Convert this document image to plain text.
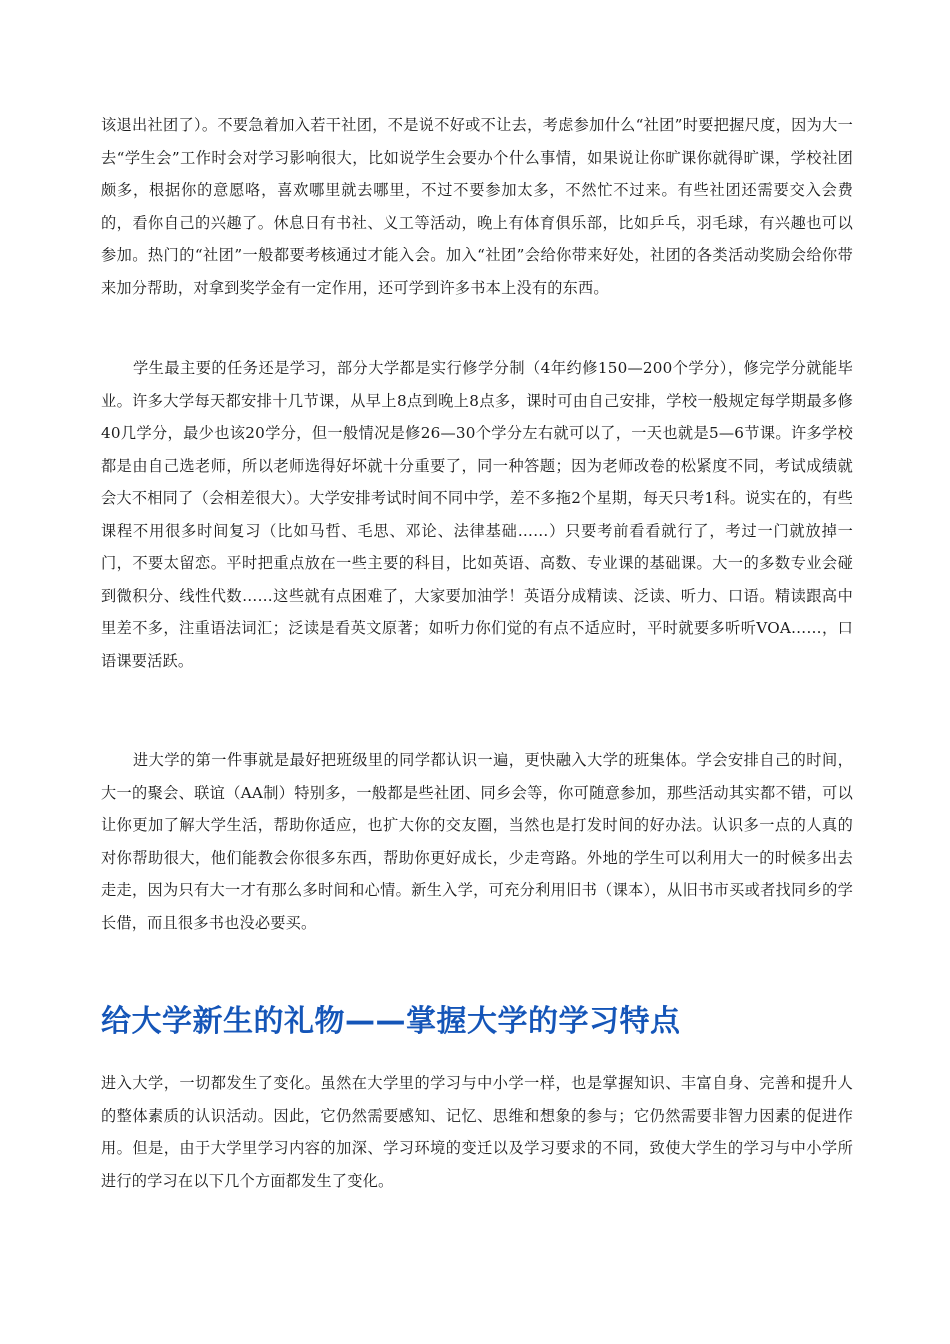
该退出社团了）。不要急着加入若干社团，不是说不好或不让去，考虑参加什么“社团”时要把握尺度，因为大一去“学生会”工作时会对学习影响很大，比如说学生会要办个什么事情，如果说让你旷课你就得旷课，学校社团颇多，根据你的意愿咯，喜欢哪里就去哪里，不过不要参加太多，不然忙不过来。有些社团还需要交入会费的，看你自己的兴趣了。休息日有书社、义工等活动，晚上有体育俱乐部，比如乒乓，羽毛球，有兴趣也可以参加。热门的“社团”一般都要考核通过才能入会。加入“社团”会给你带来好处，社团的各类活动奖励会给你带来加分帮助，对拿到奖学金有一定作用，还可学到许多书本上没有的东西。

学生最主要的任务还是学习，部分大学都是实行修学分制（4年约修150—200个学分），修完学分就能毕业。许多大学每天都安排十几节课，从早上8点到晚上8点多，课时可由自己安排，学校一般规定每学期最多修40几学分，最少也该20学分，但一般情况是修26—30个学分左右就可以了，一天也就是5—6节课。许多学校都是由自己选老师，所以老师选得好坏就十分重要了，同一种答题；因为老师改卷的松紧度不同，考试成绩就会大不相同了（会相差很大）。大学安排考试时间不同中学，差不多拖2个星期，每天只考1科。说实在的，有些课程不用很多时间复习（比如马哲、毛思、邓论、法律基础……）只要考前看看就行了，考过一门就放掉一门，不要太留恋。平时把重点放在一些主要的科目，比如英语、高数、专业课的基础课。大一的多数专业会碰到微积分、线性代数……这些就有点困难了，大家要加油学！英语分成精读、泛读、听力、口语。精读跟高中里差不多，注重语法词汇；泛读是看英文原著；如听力你们觉的有点不适应时，平时就要多听听VOA……，口语课要活跃。

进大学的第一件事就是最好把班级里的同学都认识一遍，更快融入大学的班集体。学会安排自己的时间，大一的聚会、联谊（AA制）特别多，一般都是些社团、同乡会等，你可随意参加，那些活动其实都不错，可以让你更加了解大学生活，帮助你适应，也扩大你的交友圈，当然也是打发时间的好办法。认识多一点的人真的对你帮助很大，他们能教会你很多东西，帮助你更好成长，少走弯路。外地的学生可以利用大一的时候多出去走走，因为只有大一才有那么多时间和心情。新生入学，可充分利用旧书（课本），从旧书市买或者找同乡的学长借，而且很多书也没必要买。

给大学新生的礼物——掌握大学的学习特点

进入大学，一切都发生了变化。虽然在大学里的学习与中小学一样，也是掌握知识、丰富自身、完善和提升人的整体素质的认识活动。因此，它仍然需要感知、记忆、思维和想象的参与；它仍然需要非智力因素的促进作用。但是，由于大学里学习内容的加深、学习环境的变迁以及学习要求的不同，致使大学生的学习与中小学所进行的学习在以下几个方面都发生了变化。
